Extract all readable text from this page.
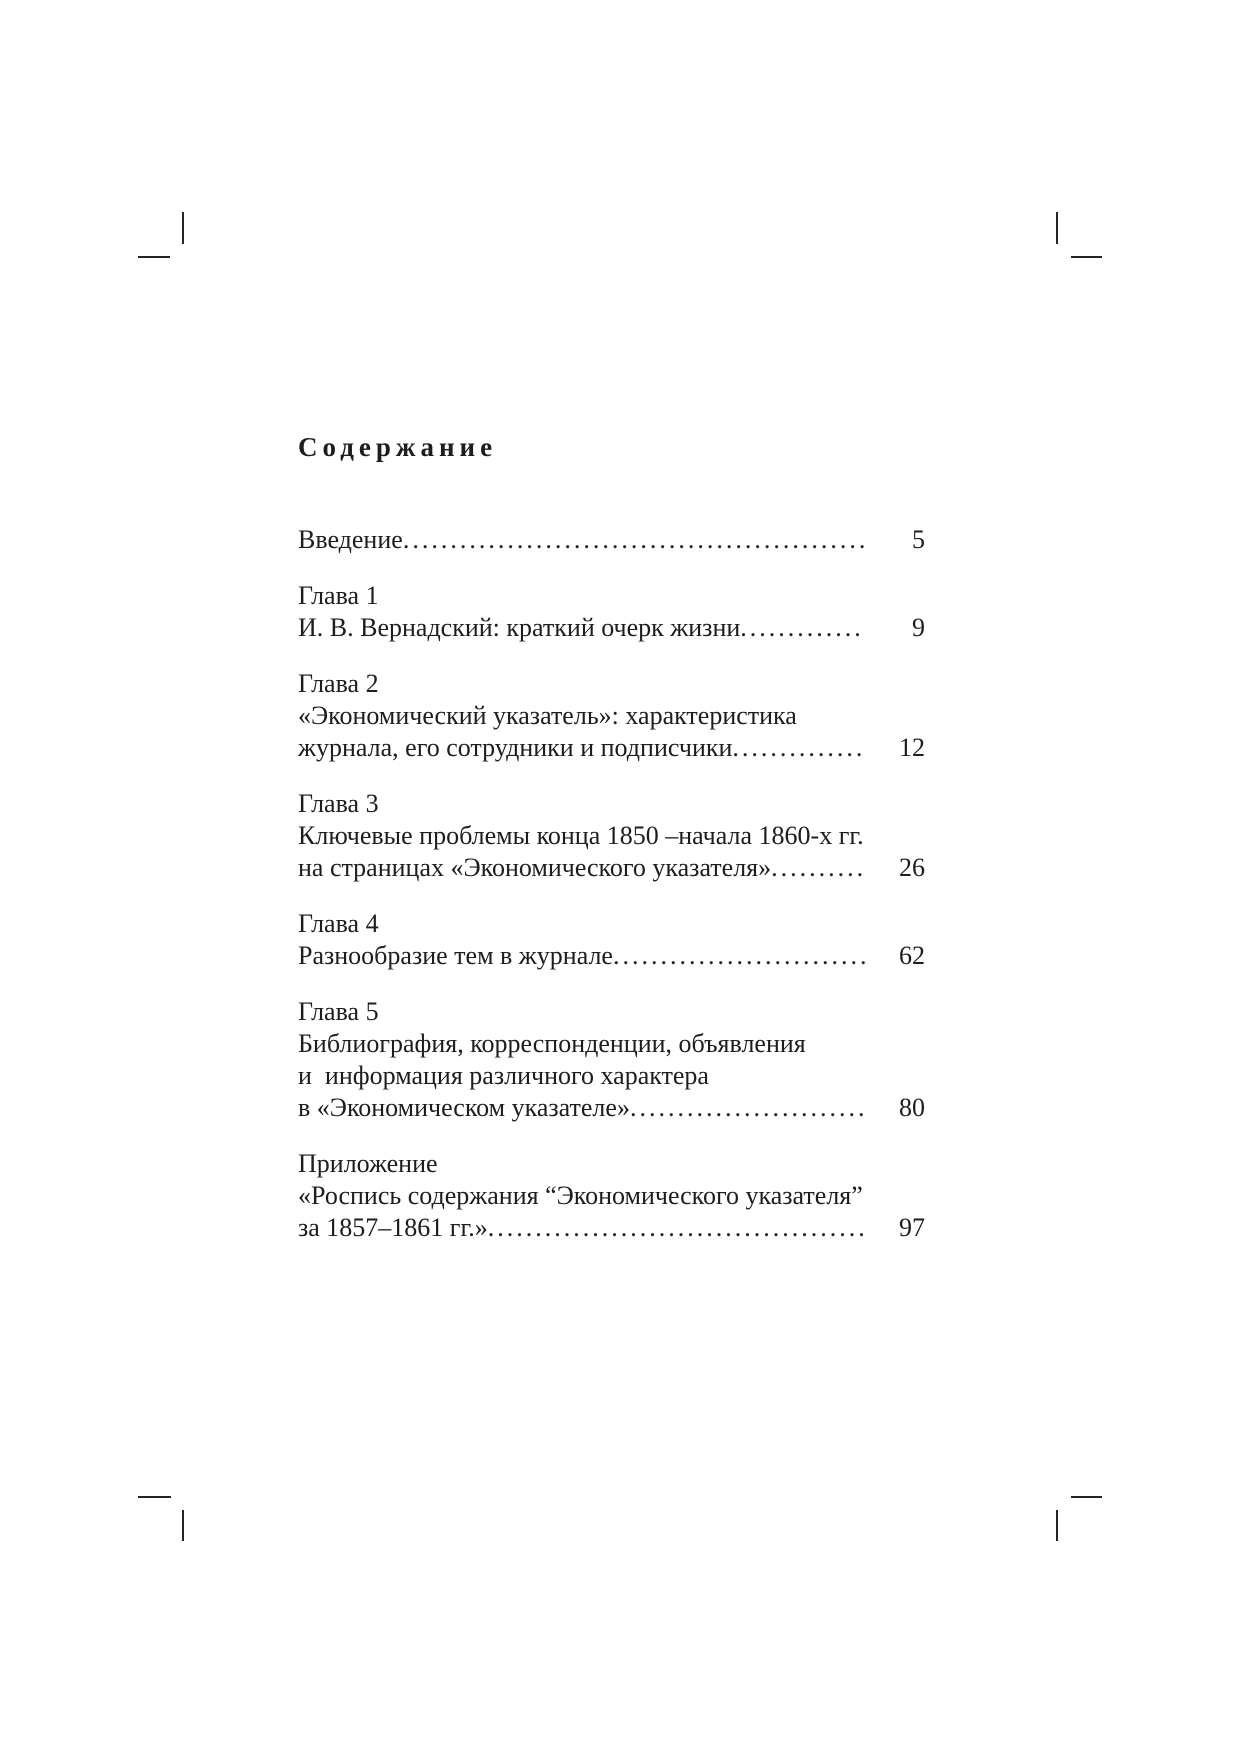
Содержание
Введение .....	5
Глава 1
И. В. Вернадский: краткий очерк жизни .....	9
Глава 2
«Экономический указатель»: характеристика
журнала, его сотрудники и подписчики .....	12
Глава 3
Ключевые проблемы конца 1850 –начала 1860-х гг.
на страницах «Экономического указателя» .....	26
Глава 4
Разнообразие тем в журнале .....	62
Глава 5
Библиография, корреспонденции, объявления
и  информация различного характера
в «Экономическом указателе» .....	80
Приложение
«Роспись содержания “Экономического указателя”
за 1857–1861 гг.» .....	97
